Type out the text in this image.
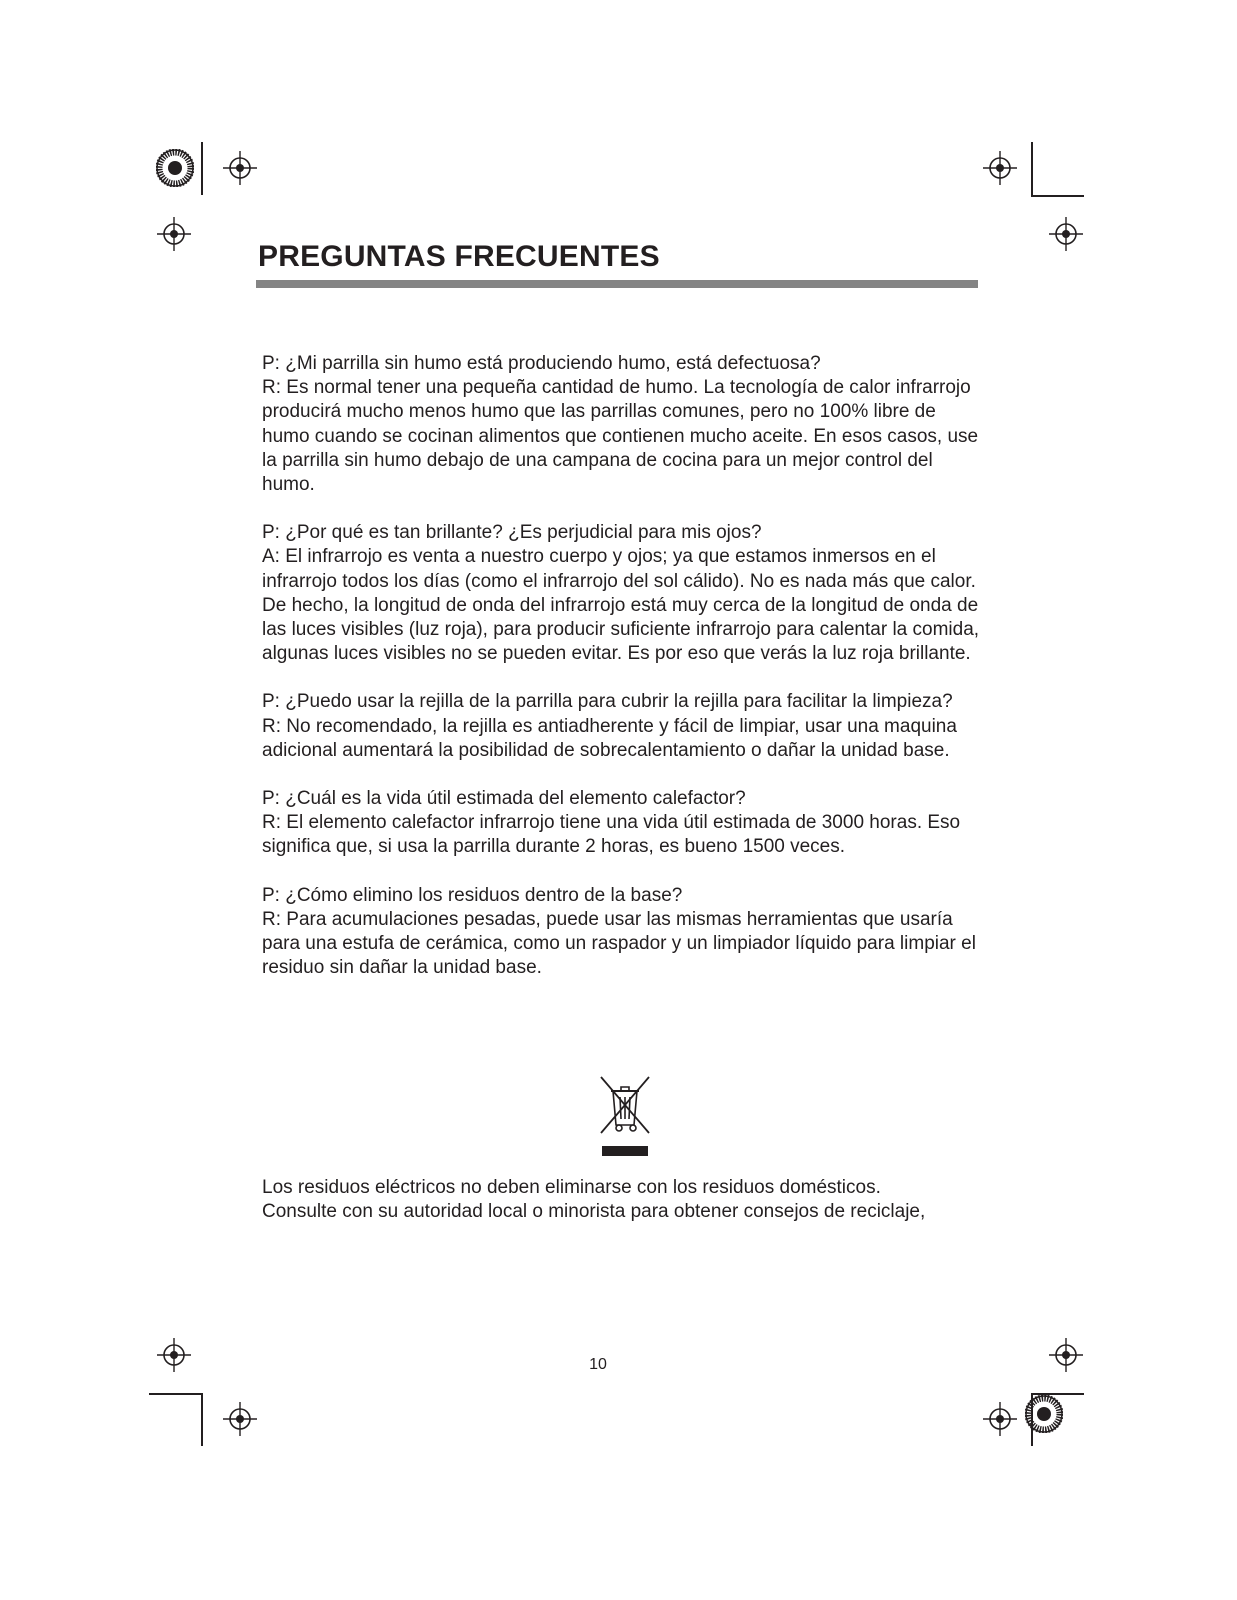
PREGUNTAS FRECUENTES

P: ¿Mi parrilla sin humo está produciendo humo, está defectuosa?

R: Es normal tener una pequeña cantidad de humo. La tecnología de calor infrarrojo producirá mucho menos humo que las parrillas comunes, pero no 100% libre de humo cuando se cocinan alimentos que contienen mucho aceite. En esos casos, use la parrilla sin humo debajo de una campana de cocina para un mejor control del humo.

P: ¿Por qué es tan brillante? ¿Es perjudicial para mis ojos?

A: El infrarrojo es venta a nuestro cuerpo y ojos; ya que estamos inmersos en el infrarrojo todos los días (como el infrarrojo del sol cálido). No es nada más que calor. De hecho, la longitud de onda del infrarrojo está muy cerca de la longitud de onda de las luces visibles (luz roja), para producir suficiente infrarrojo para calentar la comida, algunas luces visibles no se pueden evitar. Es por eso que verás la luz roja brillante.

P: ¿Puedo usar la rejilla de la parrilla para cubrir la rejilla para facilitar la limpieza?

R: No recomendado, la rejilla es antiadherente y fácil de limpiar, usar una maquina adicional aumentará la posibilidad de sobrecalentamiento o dañar la unidad base.

P: ¿Cuál es la vida útil estimada del elemento calefactor?

R: El elemento calefactor infrarrojo tiene una vida útil estimada de 3000 horas. Eso significa que, si usa la parrilla durante 2 horas, es bueno 1500 veces.

P: ¿Cómo elimino los residuos dentro de la base?

R: Para acumulaciones pesadas, puede usar las mismas herramientas que usaría para una estufa de cerámica, como un raspador y un limpiador líquido para limpiar el residuo sin dañar la unidad base.

Los residuos eléctricos no deben eliminarse con los residuos domésticos.

Consulte con su autoridad local o minorista para obtener consejos de reciclaje,

10
